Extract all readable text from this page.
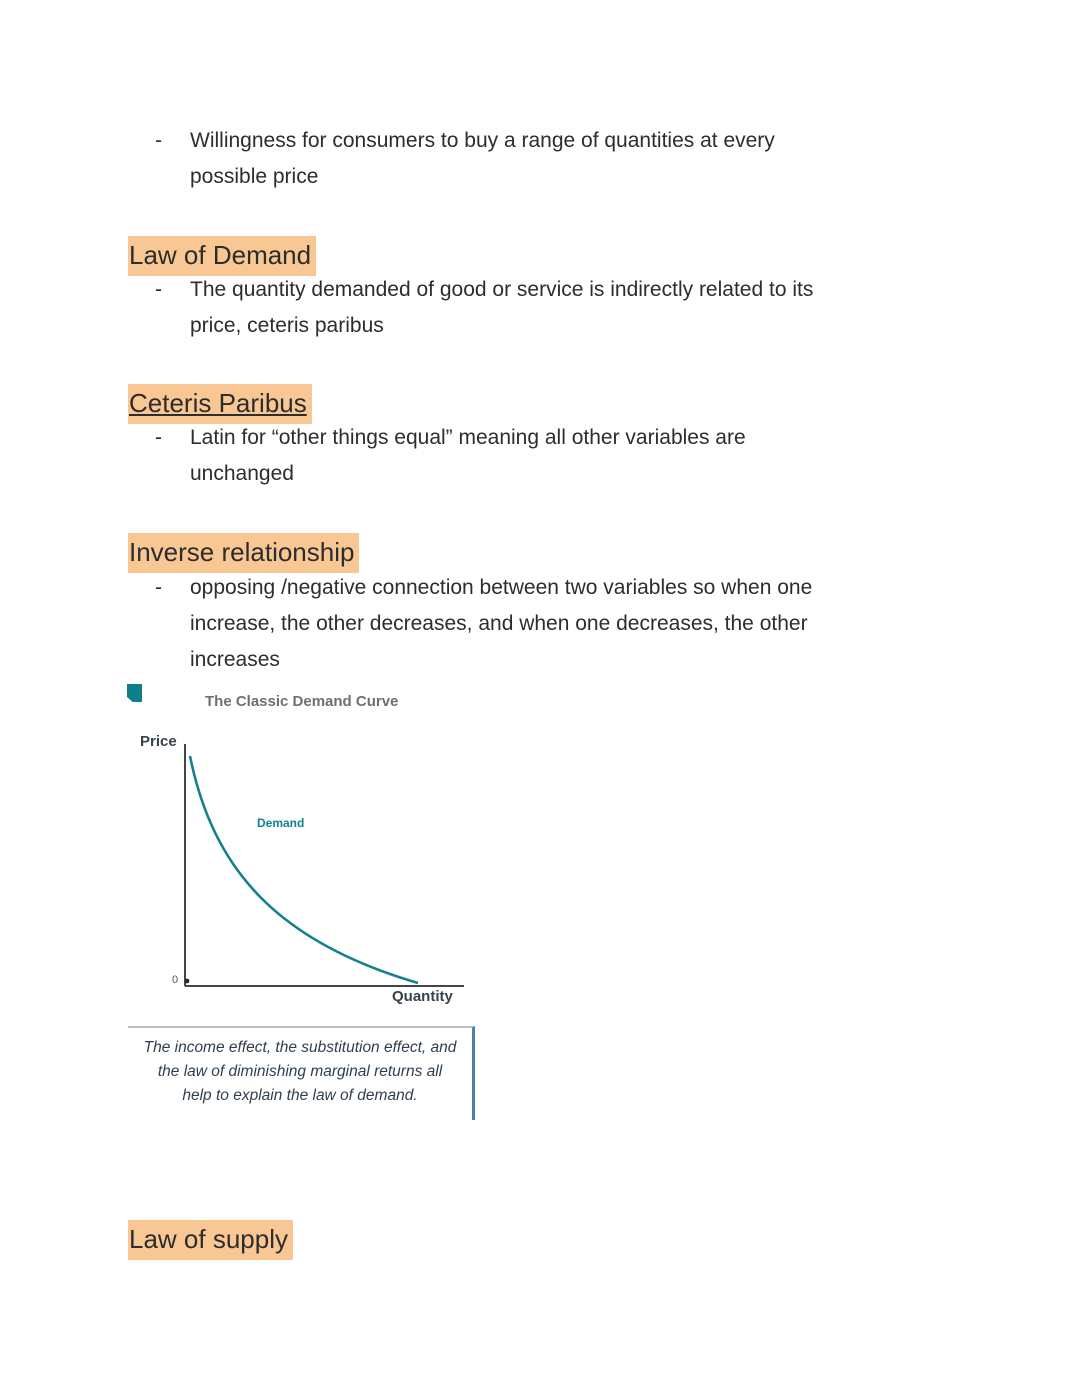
-	Willingness for consumers to buy a range of quantities at every
possible price
Law of Demand
-	The quantity demanded of good or service is indirectly related to its
price, ceteris paribus
Ceteris Paribus
-	Latin for “other things equal” meaning all other variables are
unchanged
Inverse relationship
-	opposing /negative connection between two variables so when one
increase, the other decreases, and when one decreases, the other
increases
The Classic Demand Curve
Price
Quantity
0
Demand
The income effect, the substitution effect, and
the law of diminishing marginal returns all
help to explain the law of demand.
Law of supply
